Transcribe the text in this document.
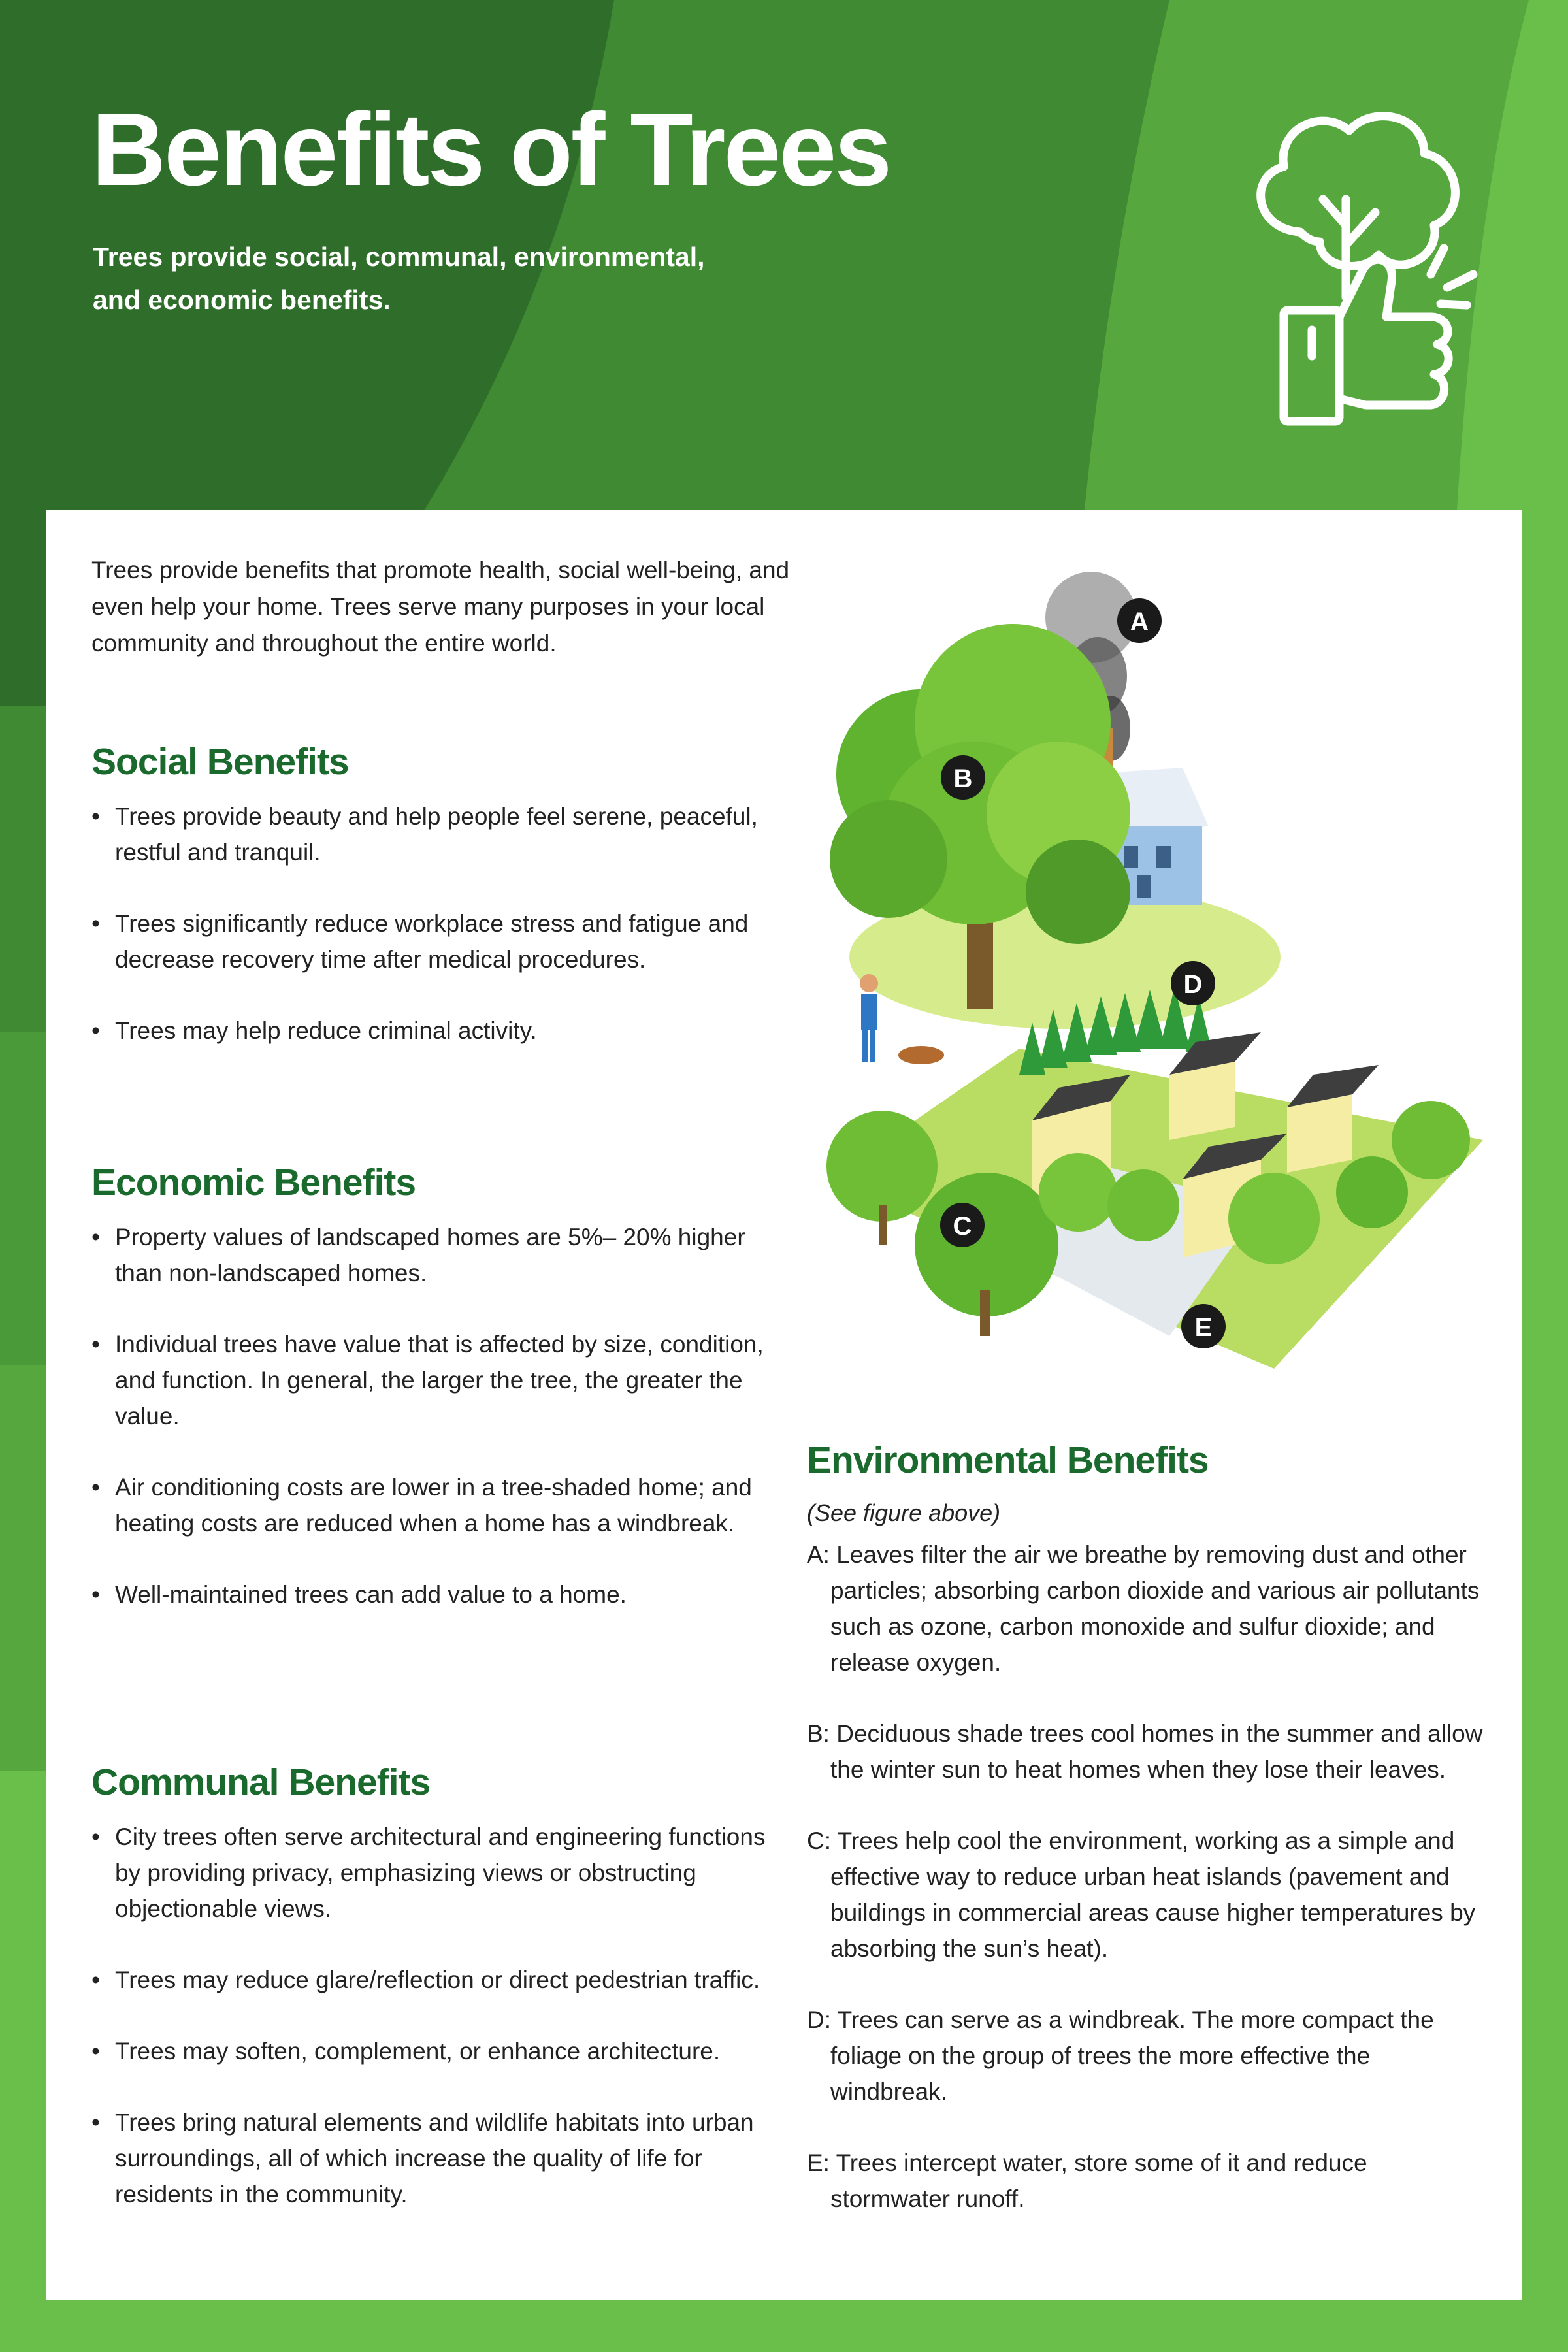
Benefits of Trees
Trees provide social, communal, environmental,
and economic benefits.
Trees provide benefits that promote health, social well-being, and even help your home. Trees serve many purposes in your local community and throughout the entire world.
Social Benefits
• Trees provide beauty and help people feel serene, peaceful, restful and tranquil.
• Trees significantly reduce workplace stress and fatigue and decrease recovery time after medical procedures.
• Trees may help reduce criminal activity.
Economic Benefits
• Property values of landscaped homes are 5%– 20% higher than non-landscaped homes.
• Individual trees have value that is affected by size, condition, and function. In general, the larger the tree, the greater the value.
• Air conditioning costs are lower in a tree-shaded home; and heating costs are reduced when a home has a windbreak.
• Well-maintained trees can add value to a home.
Communal Benefits
• City trees often serve architectural and engineering functions by providing privacy, emphasizing views or obstructing objectionable views.
• Trees may reduce glare/reflection or direct pedestrian traffic.
• Trees may soften, complement, or enhance architecture.
• Trees bring natural elements and wildlife habitats into urban surroundings, all of which increase the quality of life for residents in the community.
A
B
C
D
E
Environmental Benefits
(See figure above)
A: Leaves filter the air we breathe by removing dust and other particles; absorbing carbon dioxide and various air pollutants such as ozone, carbon monoxide and sulfur dioxide; and release oxygen.
B: Deciduous shade trees cool homes in the summer and allow the winter sun to heat homes when they lose their leaves.
C: Trees help cool the environment, working as a simple and effective way to reduce urban heat islands (pavement and buildings in commercial areas cause higher temperatures by absorbing the sun’s heat).
D: Trees can serve as a windbreak. The more compact the foliage on the group of trees the more effective the windbreak.
E: Trees intercept water, store some of it and reduce stormwater runoff.
